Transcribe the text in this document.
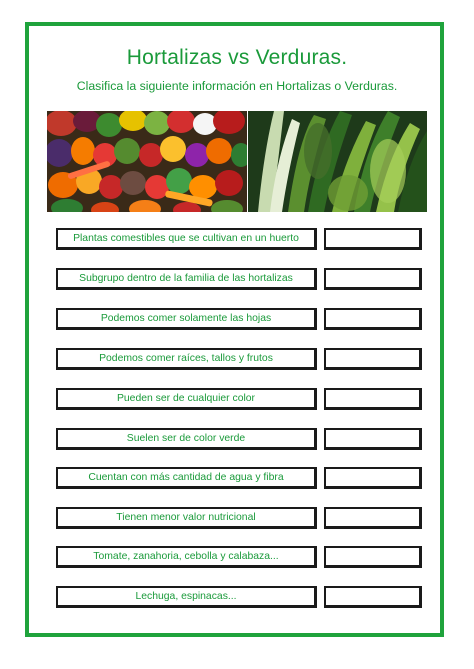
Hortalizas vs Verduras.
Clasifica la siguiente información en Hortalizas o Verduras.
Plantas comestibles que se cultivan en un huerto
Subgrupo dentro de la familia de las hortalizas
Podemos comer solamente las hojas
Podemos comer raíces, tallos y frutos
Pueden ser de cualquier color
Suelen ser de color verde
Cuentan con más cantidad de agua y fibra
Tienen menor valor nutricional
Tomate, zanahoria, cebolla y calabaza...
Lechuga, espinacas...
